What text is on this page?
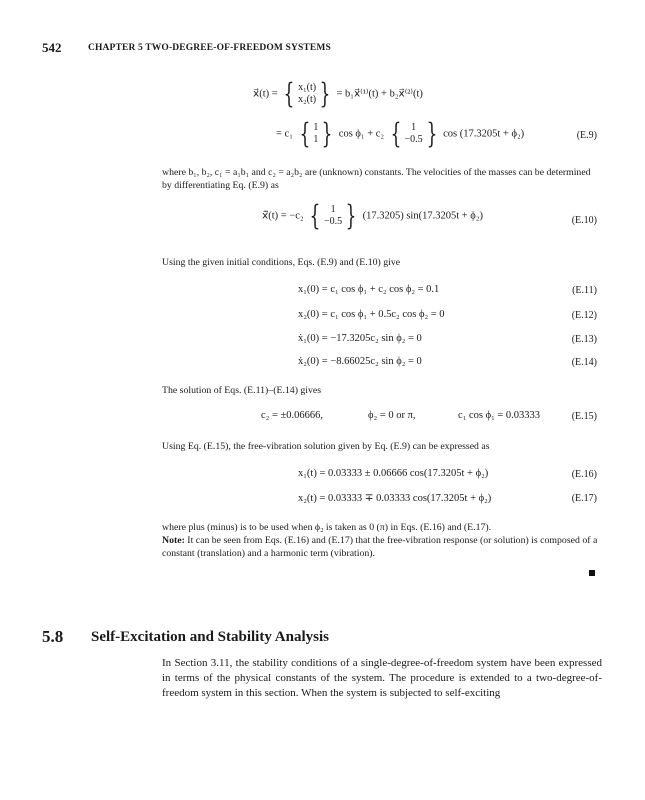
542	CHAPTER 5 TWO-DEGREE-OF-FREEDOM SYSTEMS
x⃗(t) = { x₁(t)
x₂(t) } = b₁x⃗⁽¹⁾(t) + b₂x⃗⁽²⁾(t)
= c₁ { 1
1 } cos ϕ₁ + c₂ {	1
−0.5 } cos (17.3205t + ϕ₂)	(E.9)
where b₁, b₂, c₁ = a₁b₁ and c₂ = a₂b₂ are (unknown) constants. The velocities of the masses can be determined by differentiating Eq. (E.9) as
ẋ⃗(t) = −c₂ {	1
−0.5 } (17.3205) sin(17.3205t + ϕ₂)	(E.10)
Using the given initial conditions, Eqs. (E.9) and (E.10) give
x₁(0) = c₁ cos ϕ₁ + c₂ cos ϕ₂ = 0.1	(E.11)
x₂(0) = c₁ cos ϕ₁ + 0.5c₂ cos ϕ₂ = 0	(E.12)
ẋ₁(0) = −17.3205c₂ sin ϕ₂ = 0	(E.13)
ẋ₂(0) = −8.66025c₂ sin ϕ₂ = 0	(E.14)
The solution of Eqs. (E.11)–(E.14) gives
c₂ = ±0.06666,	ϕ₂ = 0 or π,	c₁ cos ϕ₁ = 0.03333	(E.15)
Using Eq. (E.15), the free-vibration solution given by Eq. (E.9) can be expressed as
x₁(t) = 0.03333 ± 0.06666 cos(17.3205t + ϕ₂)	(E.16)
x₂(t) = 0.03333 ∓ 0.03333 cos(17.3205t + ϕ₂)	(E.17)
where plus (minus) is to be used when ϕ₂ is taken as 0 (π) in Eqs. (E.16) and (E.17).
Note: It can be seen from Eqs. (E.16) and (E.17) that the free-vibration response (or solution) is composed of a constant (translation) and a harmonic term (vibration).
5.8 Self-Excitation and Stability Analysis
In Section 3.11, the stability conditions of a single-degree-of-freedom system have been expressed in terms of the physical constants of the system. The procedure is extended to a two-degree-of-freedom system in this section. When the system is subjected to self-exciting
